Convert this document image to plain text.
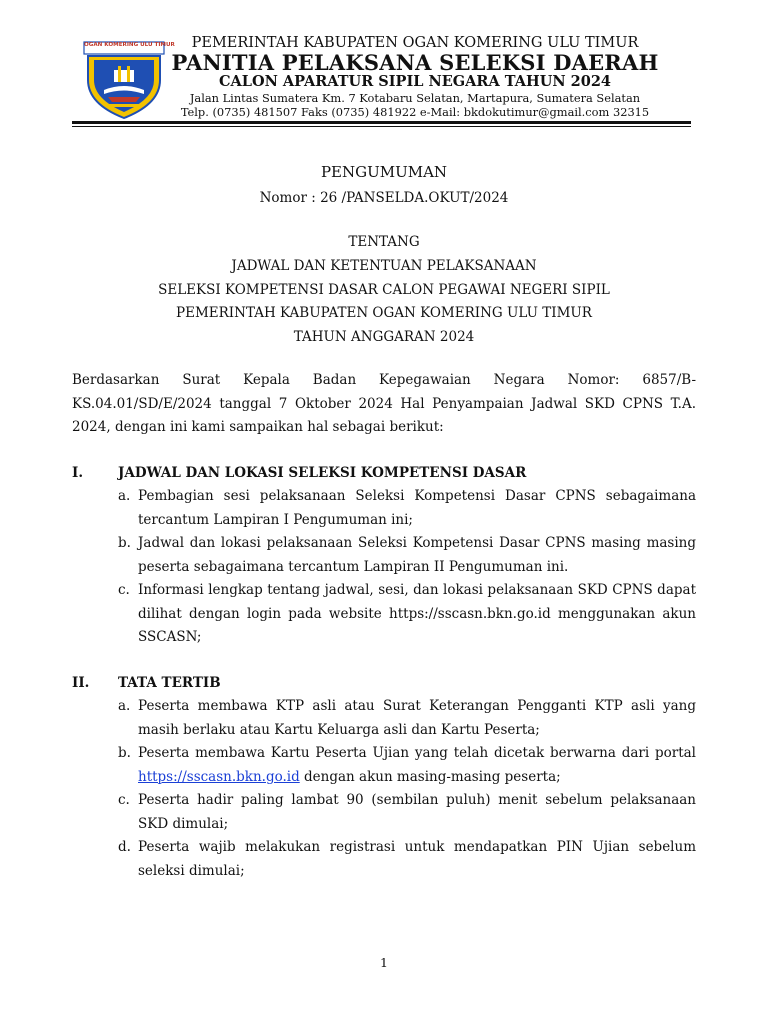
OGAN KOMERING ULU TIMUR	PEMERINTAH KABUPATEN OGAN KOMERING ULU TIMUR
PANITIA PELAKSANA SELEKSI DAERAH
CALON APARATUR SIPIL NEGARA TAHUN 2024
Jalan Lintas Sumatera Km. 7 Kotabaru Selatan, Martapura, Sumatera Selatan
Telp. (0735) 481507 Faks (0735) 481922 e-Mail: bkdokutimur@gmail.com 32315
PENGUMUMAN
Nomor : 26 /PANSELDA.OKUT/2024
TENTANG
JADWAL DAN KETENTUAN PELAKSANAAN
SELEKSI KOMPETENSI DASAR CALON PEGAWAI NEGERI SIPIL
PEMERINTAH KABUPATEN OGAN KOMERING ULU TIMUR
TAHUN ANGGARAN 2024

Berdasarkan Surat Kepala Badan Kepegawaian Negara Nomor: 6857/B-KS.04.01/SD/E/2024 tanggal 7 Oktober 2024 Hal Penyampaian Jadwal SKD CPNS T.A. 2024, dengan ini kami sampaikan hal sebagai berikut:

I.	JADWAL DAN LOKASI SELEKSI KOMPETENSI DASAR
a. Pembagian sesi pelaksanaan Seleksi Kompetensi Dasar CPNS sebagaimana tercantum Lampiran I Pengumuman ini;
b. Jadwal dan lokasi pelaksanaan Seleksi Kompetensi Dasar CPNS masing masing peserta sebagaimana tercantum Lampiran II Pengumuman ini.
c. Informasi lengkap tentang jadwal, sesi, dan lokasi pelaksanaan SKD CPNS dapat dilihat dengan login pada website https://sscasn.bkn.go.id menggunakan akun SSCASN;
II.	TATA TERTIB
a. Peserta membawa KTP asli atau Surat Keterangan Pengganti KTP asli yang masih berlaku atau Kartu Keluarga asli dan Kartu Peserta;
b. Peserta membawa Kartu Peserta Ujian yang telah dicetak berwarna dari portal https://sscasn.bkn.go.id dengan akun masing-masing peserta;
c. Peserta hadir paling lambat 90 (sembilan puluh) menit sebelum pelaksanaan SKD dimulai;
d. Peserta wajib melakukan registrasi untuk mendapatkan PIN Ujian sebelum seleksi dimulai;
1
